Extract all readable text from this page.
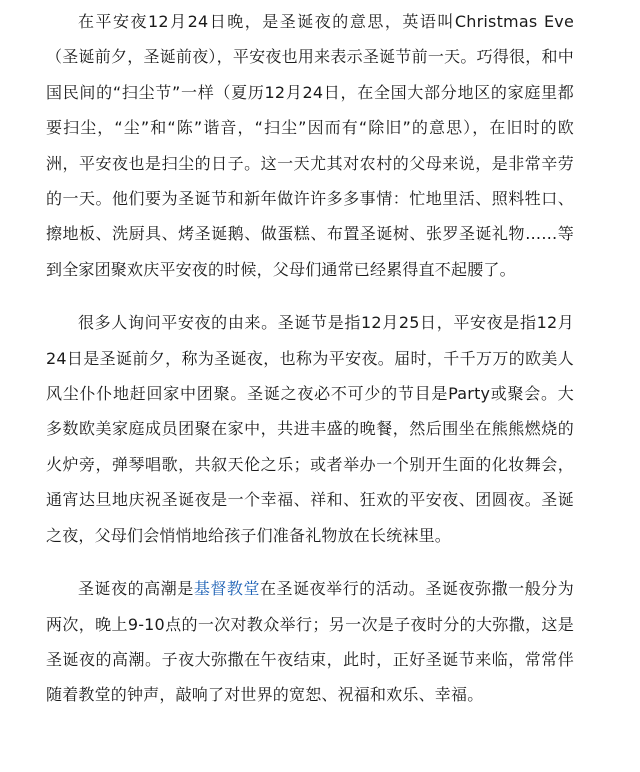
在平安夜12月24日晚，是圣诞夜的意思，英语叫Christmas Eve（圣诞前夕，圣诞前夜），平安夜也用来表示圣诞节前一天。巧得很，和中国民间的“扫尘节”一样（夏历12月24日，在全国大部分地区的家庭里都要扫尘，“尘”和“陈”谐音，“扫尘”因而有“除旧”的意思），在旧时的欧洲，平安夜也是扫尘的日子。这一天尤其对农村的父母来说，是非常辛劳的一天。他们要为圣诞节和新年做许许多多事情：忙地里活、照料牲口、擦地板、洗厨具、烤圣诞鹅、做蛋糕、布置圣诞树、张罗圣诞礼物……等到全家团聚欢庆平安夜的时候，父母们通常已经累得直不起腰了。

很多人询问平安夜的由来。圣诞节是指12月25日，平安夜是指12月24日是圣诞前夕，称为圣诞夜，也称为平安夜。届时，千千万万的欧美人风尘仆仆地赶回家中团聚。圣诞之夜必不可少的节目是Party或聚会。大多数欧美家庭成员团聚在家中，共进丰盛的晚餐，然后围坐在熊熊燃烧的火炉旁，弹琴唱歌，共叙天伦之乐；或者举办一个别开生面的化妆舞会，通宵达旦地庆祝圣诞夜是一个幸福、祥和、狂欢的平安夜、团圆夜。圣诞之夜，父母们会悄悄地给孩子们准备礼物放在长统袜里。

圣诞夜的高潮是基督教堂在圣诞夜举行的活动。圣诞夜弥撒一般分为两次，晚上9-10点的一次对教众举行；另一次是子夜时分的大弥撒，这是圣诞夜的高潮。子夜大弥撒在午夜结束，此时，正好圣诞节来临，常常伴随着教堂的钟声，敲响了对世界的宽恕、祝福和欢乐、幸福。
